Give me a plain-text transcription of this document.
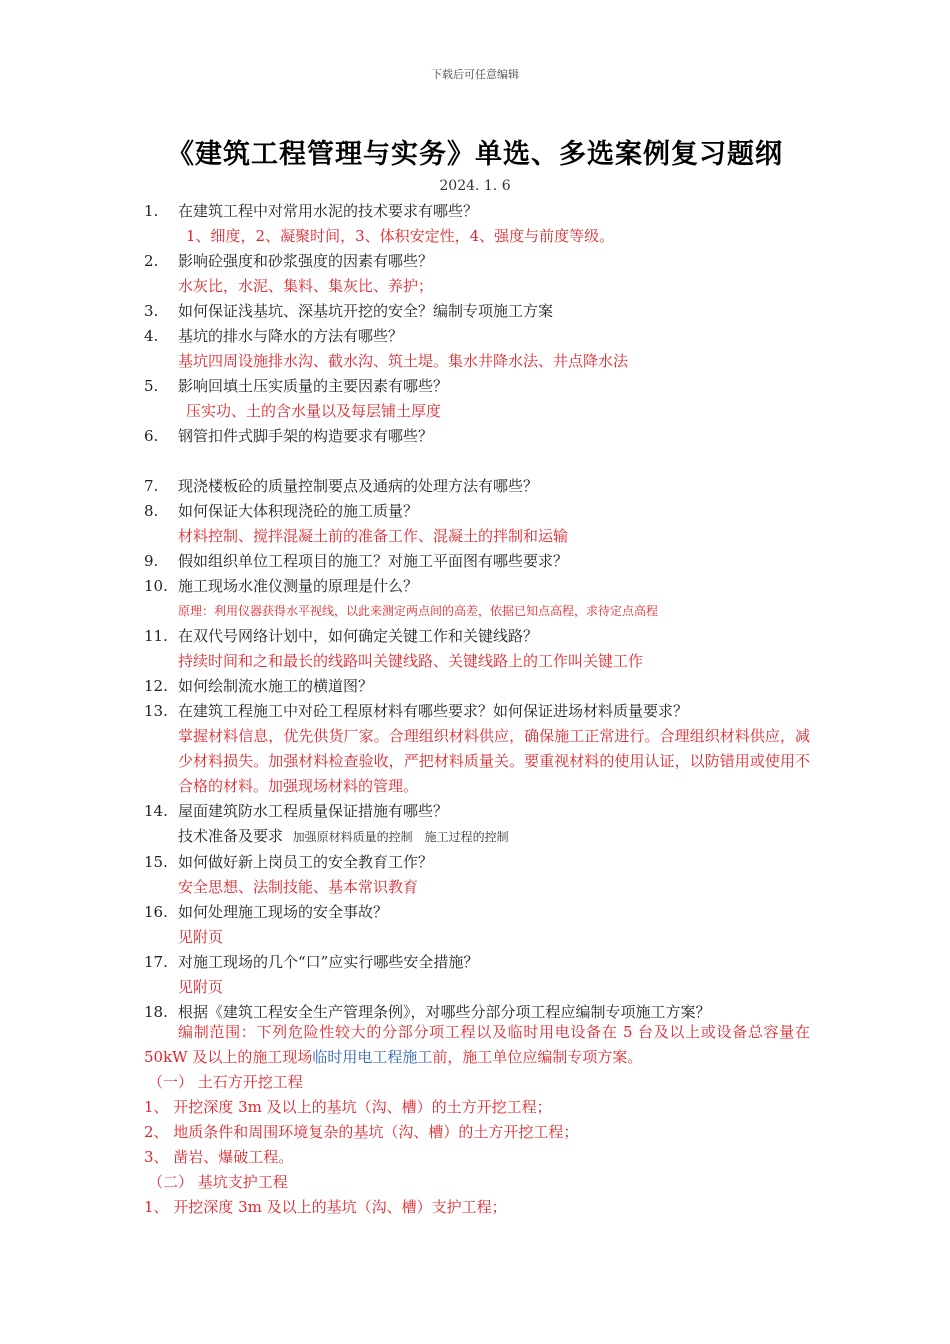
下载后可任意编辑
《建筑工程管理与实务》单选、多选案例复习题纲
2024. 1. 6
1.	在建筑工程中对常用水泥的技术要求有哪些？
1、细度，2、凝聚时间，3、体积安定性，4、强度与前度等级。
2.	影响砼强度和砂浆强度的因素有哪些？
水灰比，水泥、集料、集灰比、养护；
3.	如何保证浅基坑、深基坑开挖的安全？编制专项施工方案
4.	基坑的排水与降水的方法有哪些？
基坑四周设施排水沟、截水沟、筑土堤。集水井降水法、井点降水法
5.	影响回填土压实质量的主要因素有哪些？
压实功、土的含水量以及每层铺土厚度
6.	钢管扣件式脚手架的构造要求有哪些？
7.	现浇楼板砼的质量控制要点及通病的处理方法有哪些？
8.	如何保证大体积现浇砼的施工质量？
材料控制、搅拌混凝土前的准备工作、混凝土的拌制和运输
9.	假如组织单位工程项目的施工？对施工平面图有哪些要求？
10. 施工现场水准仪测量的原理是什么？
原理：利用仪器获得水平视线，以此来测定两点间的高差，依据已知点高程，求待定点高程
11. 在双代号网络计划中，如何确定关键工作和关键线路？
持续时间和之和最长的线路叫关键线路、关键线路上的工作叫关键工作
12. 如何绘制流水施工的横道图？
13. 在建筑工程施工中对砼工程原材料有哪些要求？如何保证进场材料质量要求？
掌握材料信息，优先供货厂家。合理组织材料供应，确保施工正常进行。合理组织材料供应，减少材料损失。加强材料检查验收，严把材料质量关。要重视材料的使用认证，以防错用或使用不合格的材料。加强现场材料的管理。
14. 屋面建筑防水工程质量保证措施有哪些？
技术准备及要求 加强原材料质量的控制　施工过程的控制
15. 如何做好新上岗员工的安全教育工作？
安全思想、法制技能、基本常识教育
16. 如何处理施工现场的安全事故？
见附页
17. 对施工现场的几个“口”应实行哪些安全措施？
见附页
18. 根据《建筑工程安全生产管理条例》，对哪些分部分项工程应编制专项施工方案？
编制范围：下列危险性较大的分部分项工程以及临时用电设备在 5 台及以上或设备总容量在 50kW 及以上的施工现场临时用电工程施工前，施工单位应编制专项方案。
（一） 土石方开挖工程
1、 开挖深度 3m 及以上的基坑（沟、槽）的土方开挖工程；
2、 地质条件和周围环境复杂的基坑（沟、槽）的土方开挖工程；
3、 凿岩、爆破工程。
（二） 基坑支护工程
1、 开挖深度 3m 及以上的基坑（沟、槽）支护工程；
